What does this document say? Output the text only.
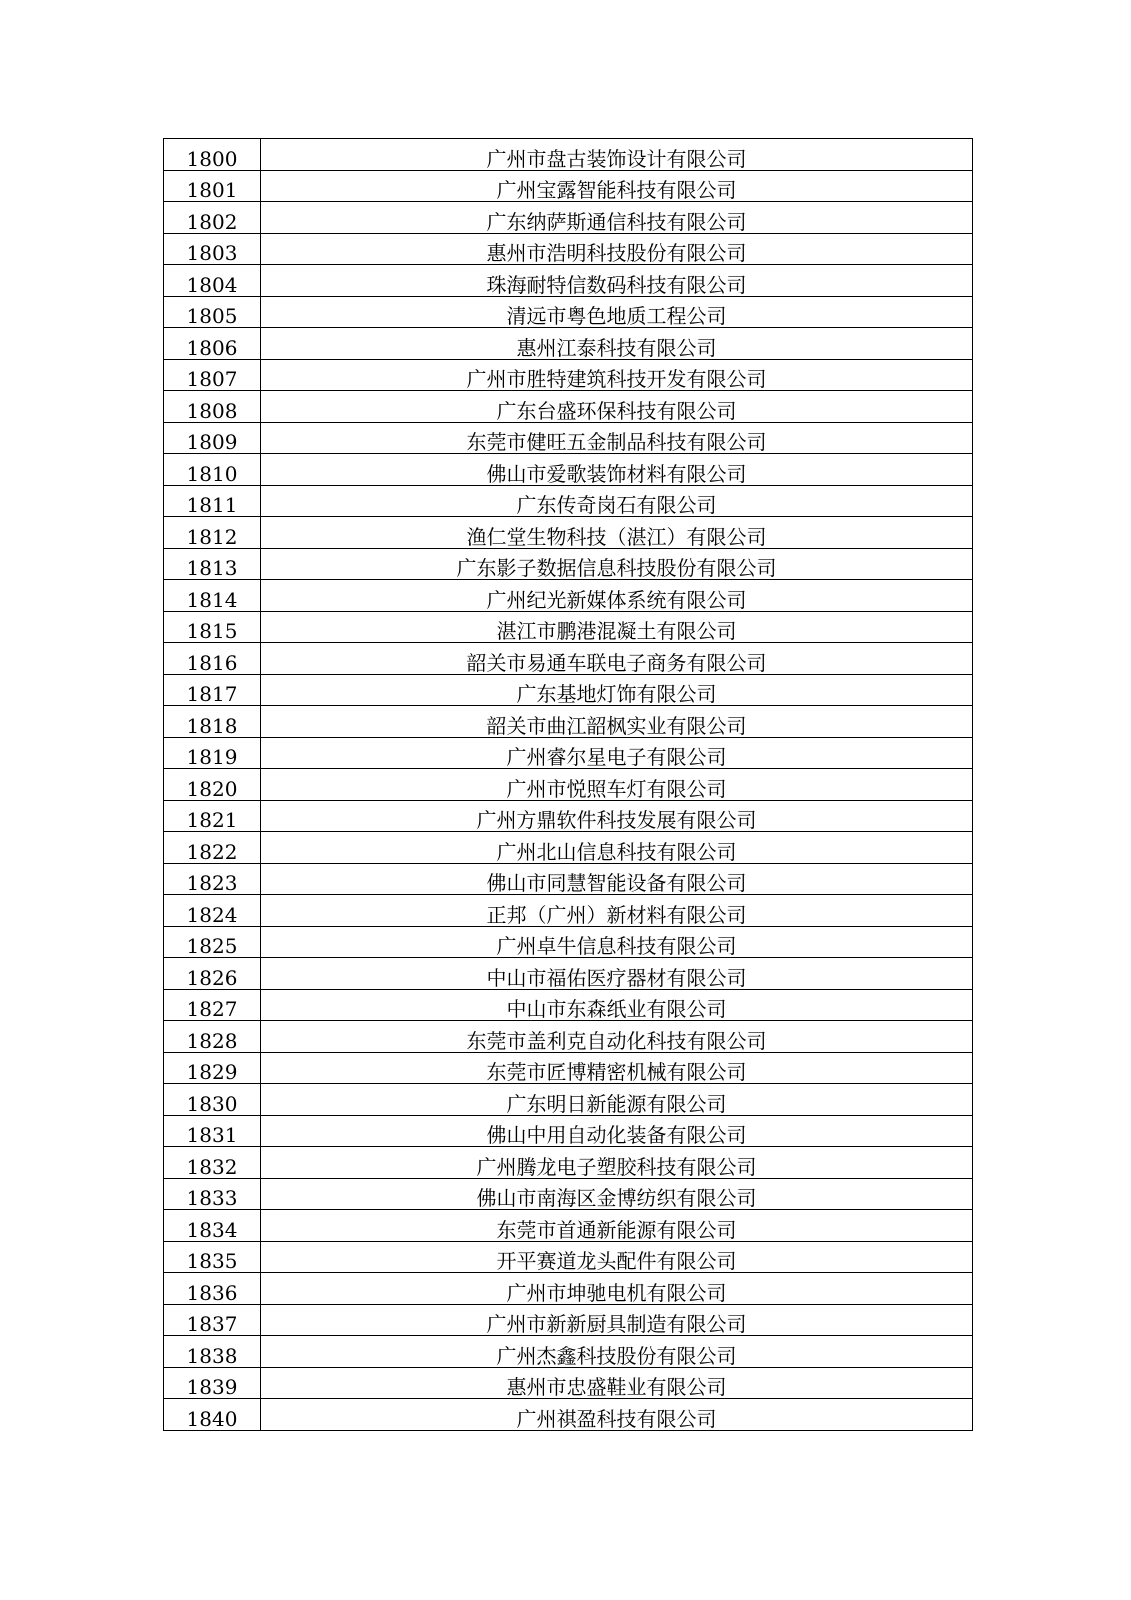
1800	广州市盘古装饰设计有限公司
1801	广州宝露智能科技有限公司
1802	广东纳萨斯通信科技有限公司
1803	惠州市浩明科技股份有限公司
1804	珠海耐特信数码科技有限公司
1805	清远市粤色地质工程公司
1806	惠州江泰科技有限公司
1807	广州市胜特建筑科技开发有限公司
1808	广东台盛环保科技有限公司
1809	东莞市健旺五金制品科技有限公司
1810	佛山市爱歌装饰材料有限公司
1811	广东传奇岗石有限公司
1812	渔仁堂生物科技（湛江）有限公司
1813	广东影子数据信息科技股份有限公司
1814	广州纪光新媒体系统有限公司
1815	湛江市鹏港混凝土有限公司
1816	韶关市易通车联电子商务有限公司
1817	广东基地灯饰有限公司
1818	韶关市曲江韶枫实业有限公司
1819	广州睿尔星电子有限公司
1820	广州市悦照车灯有限公司
1821	广州方鼎软件科技发展有限公司
1822	广州北山信息科技有限公司
1823	佛山市同慧智能设备有限公司
1824	正邦（广州）新材料有限公司
1825	广州卓牛信息科技有限公司
1826	中山市福佑医疗器材有限公司
1827	中山市东森纸业有限公司
1828	东莞市盖利克自动化科技有限公司
1829	东莞市匠博精密机械有限公司
1830	广东明日新能源有限公司
1831	佛山中用自动化装备有限公司
1832	广州腾龙电子塑胶科技有限公司
1833	佛山市南海区金博纺织有限公司
1834	东莞市首通新能源有限公司
1835	开平赛道龙头配件有限公司
1836	广州市坤驰电机有限公司
1837	广州市新新厨具制造有限公司
1838	广州杰鑫科技股份有限公司
1839	惠州市忠盛鞋业有限公司
1840	广州祺盈科技有限公司
